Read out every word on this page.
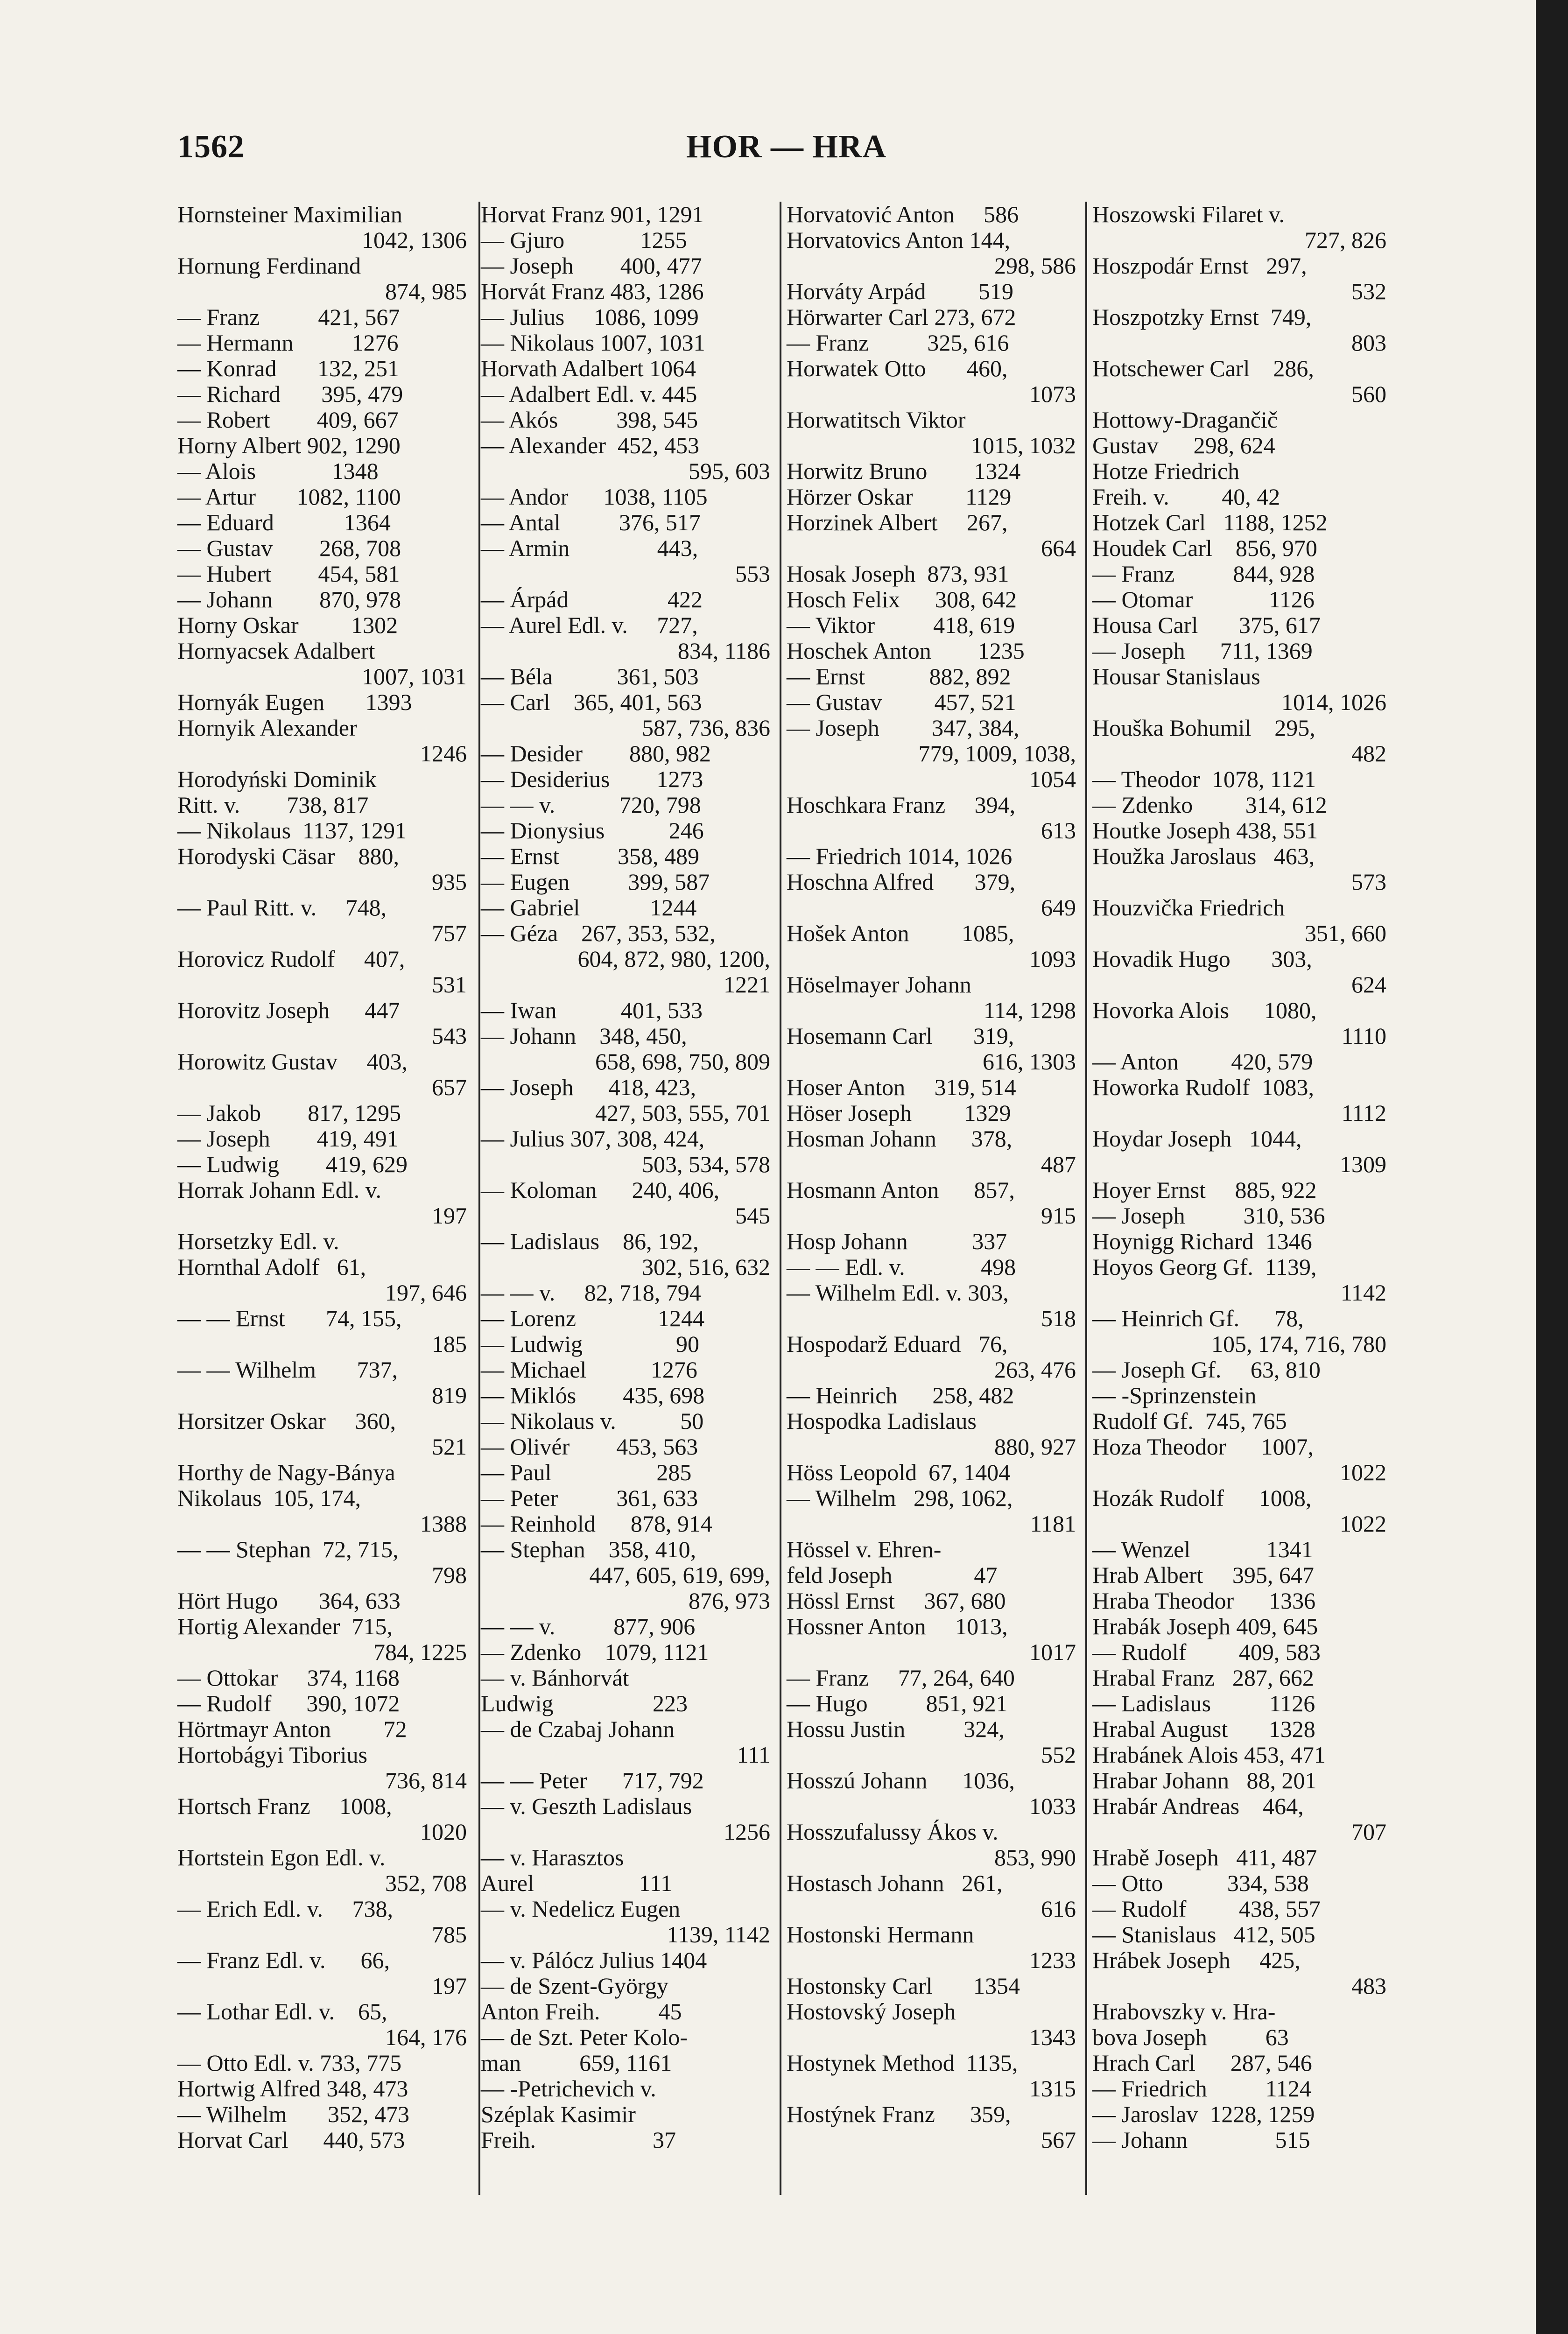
1562	HOR — HRA
Hornsteiner Maximilian
1042, 1306
Hornung Ferdinand
874, 985
— Franz          421, 567
— Hermann          1276
— Konrad       132, 251
— Richard       395, 479
— Robert        409, 667
Horny Albert 902, 1290
— Alois             1348
— Artur       1082, 1100
— Eduard            1364
— Gustav        268, 708
— Hubert        454, 581
— Johann        870, 978
Horny Oskar         1302
Hornyacsek Adalbert
1007, 1031
Hornyák Eugen       1393
Hornyik Alexander
1246
Horodyński Dominik
Ritt. v.        738, 817
— Nikolaus  1137, 1291
Horodyski Cäsar    880,
935
— Paul Ritt. v.     748,
757
Horovicz Rudolf     407,
531
Horovitz Joseph      447
543
Horowitz Gustav     403,
657
— Jakob        817, 1295
— Joseph        419, 491
— Ludwig        419, 629
Horrak Johann Edl. v.
197
Horsetzky Edl. v.
Hornthal Adolf   61,
197, 646
— — Ernst       74, 155,
185
— — Wilhelm       737,
819
Horsitzer Oskar     360,
521
Horthy de Nagy-Bánya
Nikolaus  105, 174,
1388
— — Stephan  72, 715,
798
Hört Hugo       364, 633
Hortig Alexander  715,
784, 1225
— Ottokar     374, 1168
— Rudolf      390, 1072
Hörtmayr Anton         72
Hortobágyi Tiborius
736, 814
Hortsch Franz     1008,
1020
Hortstein Egon Edl. v.
352, 708
— Erich Edl. v.     738,
785
— Franz Edl. v.      66,
197
— Lothar Edl. v.    65,
164, 176
— Otto Edl. v. 733, 775
Hortwig Alfred 348, 473
— Wilhelm       352, 473
Horvat Carl      440, 573
Horvat Franz 901, 1291
— Gjuro             1255
— Joseph        400, 477
Horvát Franz 483, 1286
— Julius     1086, 1099
— Nikolaus 1007, 1031
Horvath Adalbert 1064
— Adalbert Edl. v. 445
— Akós          398, 545
— Alexander  452, 453
595, 603
— Andor      1038, 1105
— Antal          376, 517
— Armin               443,
553
— Árpád                 422
— Aurel Edl. v.     727,
834, 1186
— Béla           361, 503
— Carl    365, 401, 563
587, 736, 836
— Desider        880, 982
— Desiderius        1273
— — v.           720, 798
— Dionysius           246
— Ernst          358, 489
— Eugen          399, 587
— Gabriel            1244
— Géza    267, 353, 532,
604, 872, 980, 1200,
1221
— Iwan           401, 533
— Johann    348, 450,
658, 698, 750, 809
— Joseph      418, 423,
427, 503, 555, 701
— Julius 307, 308, 424,
503, 534, 578
— Koloman      240, 406,
545
— Ladislaus    86, 192,
302, 516, 632
— — v.     82, 718, 794
— Lorenz              1244
— Ludwig                90
— Michael           1276
— Miklós        435, 698
— Nikolaus v.           50
— Olivér        453, 563
— Paul                  285
— Peter          361, 633
— Reinhold      878, 914
— Stephan    358, 410,
447, 605, 619, 699,
876, 973
— — v.          877, 906
— Zdenko    1079, 1121
— v. Bánhorvát
Ludwig                 223
— de Czabaj Johann
111
— — Peter      717, 792
— v. Geszth Ladislaus
1256
— v. Harasztos
Aurel                  111
— v. Nedelicz Eugen
1139, 1142
— v. Pálócz Julius 1404
— de Szent-György
Anton Freih.          45
— de Szt. Peter Kolo-
man          659, 1161
— -Petrichevich v.
Széplak Kasimir
Freih.                    37
Horvatović Anton     586
Horvatovics Anton 144,
298, 586
Horváty Arpád         519
Hörwarter Carl 273, 672
— Franz          325, 616
Horwatek Otto       460,
1073
Horwatitsch Viktor
1015, 1032
Horwitz Bruno        1324
Hörzer Oskar         1129
Horzinek Albert     267,
664
Hosak Joseph  873, 931
Hosch Felix      308, 642
— Viktor          418, 619
Hoschek Anton        1235
— Ernst           882, 892
— Gustav         457, 521
— Joseph         347, 384,
779, 1009, 1038,
1054
Hoschkara Franz     394,
613
— Friedrich 1014, 1026
Hoschna Alfred       379,
649
Hošek Anton         1085,
1093
Höselmayer Johann
114, 1298
Hosemann Carl       319,
616, 1303
Hoser Anton     319, 514
Höser Joseph         1329
Hosman Johann      378,
487
Hosmann Anton      857,
915
Hosp Johann           337
— — Edl. v.             498
— Wilhelm Edl. v. 303,
518
Hospodarž Eduard   76,
263, 476
— Heinrich      258, 482
Hospodka Ladislaus
880, 927
Höss Leopold  67, 1404
— Wilhelm   298, 1062,
1181
Hössel v. Ehren-
feld Joseph              47
Hössl Ernst     367, 680
Hossner Anton     1013,
1017
— Franz     77, 264, 640
— Hugo          851, 921
Hossu Justin          324,
552
Hosszú Johann      1036,
1033
Hosszufalussy Ákos v.
853, 990
Hostasch Johann   261,
616
Hostonski Hermann
1233
Hostonsky Carl       1354
Hostovský Joseph
1343
Hostynek Method  1135,
1315
Hostýnek Franz      359,
567
Hoszowski Filaret v.
727, 826
Hoszpodár Ernst   297,
532
Hoszpotzky Ernst  749,
803
Hotschewer Carl    286,
560
Hottowy-Dragančič
Gustav      298, 624
Hotze Friedrich
Freih. v.         40, 42
Hotzek Carl   1188, 1252
Houdek Carl    856, 970
— Franz          844, 928
— Otomar             1126
Housa Carl       375, 617
— Joseph      711, 1369
Housar Stanislaus
1014, 1026
Houška Bohumil    295,
482
— Theodor  1078, 1121
— Zdenko         314, 612
Houtke Joseph 438, 551
Houžka Jaroslaus   463,
573
Houzvička Friedrich
351, 660
Hovadik Hugo       303,
624
Hovorka Alois      1080,
1110
— Anton         420, 579
Howorka Rudolf  1083,
1112
Hoydar Joseph   1044,
1309
Hoyer Ernst     885, 922
— Joseph          310, 536
Hoynigg Richard  1346
Hoyos Georg Gf.  1139,
1142
— Heinrich Gf.      78,
105, 174, 716, 780
— Joseph Gf.     63, 810
— -Sprinzenstein
Rudolf Gf.  745, 765
Hoza Theodor      1007,
1022
Hozák Rudolf      1008,
1022
— Wenzel             1341
Hrab Albert     395, 647
Hraba Theodor      1336
Hrabák Joseph 409, 645
— Rudolf         409, 583
Hrabal Franz   287, 662
— Ladislaus          1126
Hrabal August       1328
Hrabánek Alois 453, 471
Hrabar Johann   88, 201
Hrabár Andreas    464,
707
Hrabě Joseph   411, 487
— Otto           334, 538
— Rudolf         438, 557
— Stanislaus   412, 505
Hrábek Joseph     425,
483
Hrabovszky v. Hra-
bova Joseph          63
Hrach Carl      287, 546
— Friedrich          1124
— Jaroslav  1228, 1259
— Johann               515
